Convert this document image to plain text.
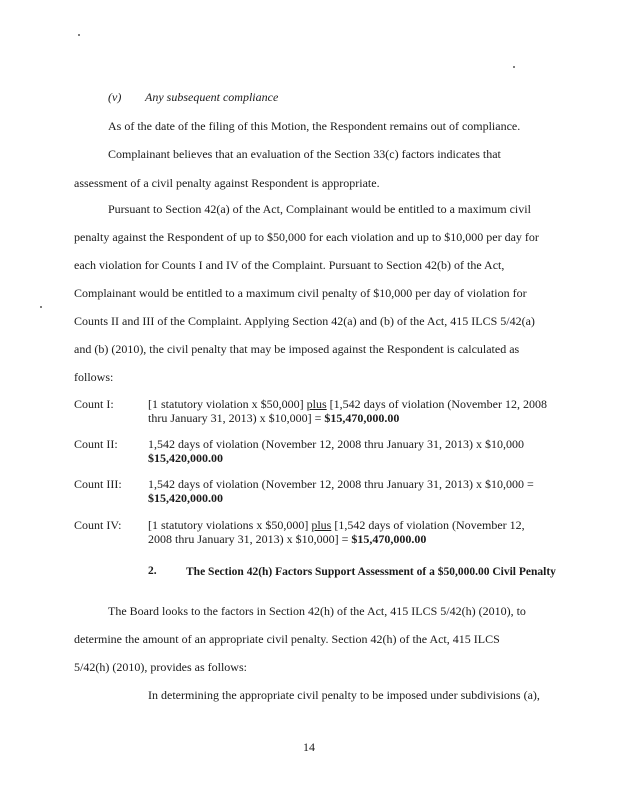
(v) Any subsequent compliance
As of the date of the filing of this Motion, the Respondent remains out of compliance.
Complainant believes that an evaluation of the Section 33(c) factors indicates that
assessment of a civil penalty against Respondent is appropriate.
Pursuant to Section 42(a) of the Act, Complainant would be entitled to a maximum civil
penalty against the Respondent of up to $50,000 for each violation and up to $10,000 per day for
each violation for Counts I and IV of the Complaint. Pursuant to Section 42(b) of the Act,
Complainant would be entitled to a maximum civil penalty of $10,000 per day of violation for
Counts II and III of the Complaint. Applying Section 42(a) and (b) of the Act, 415 ILCS 5/42(a)
and (b) (2010), the civil penalty that may be imposed against the Respondent is calculated as
follows:
Count I:	[1 statutory violation x $50,000] plus [1,542 days of violation (November 12, 2008 thru January 31, 2013) x $10,000] = $15,470,000.00
Count II:	1,542 days of violation (November 12, 2008 thru January 31, 2013) x $10,000 $15,420,000.00
Count III: 1,542 days of violation (November 12, 2008 thru January 31, 2013) x $10,000 = $15,420,000.00
Count IV: [1 statutory violations x $50,000] plus [1,542 days of violation (November 12, 2008 thru January 31, 2013) x $10,000] = $15,470,000.00
2.	The Section 42(h) Factors Support Assessment of a $50,000.00 Civil Penalty
The Board looks to the factors in Section 42(h) of the Act, 415 ILCS 5/42(h) (2010), to
determine the amount of an appropriate civil penalty. Section 42(h) of the Act, 415 ILCS
5/42(h) (2010), provides as follows:
In determining the appropriate civil penalty to be imposed under subdivisions (a),
14
